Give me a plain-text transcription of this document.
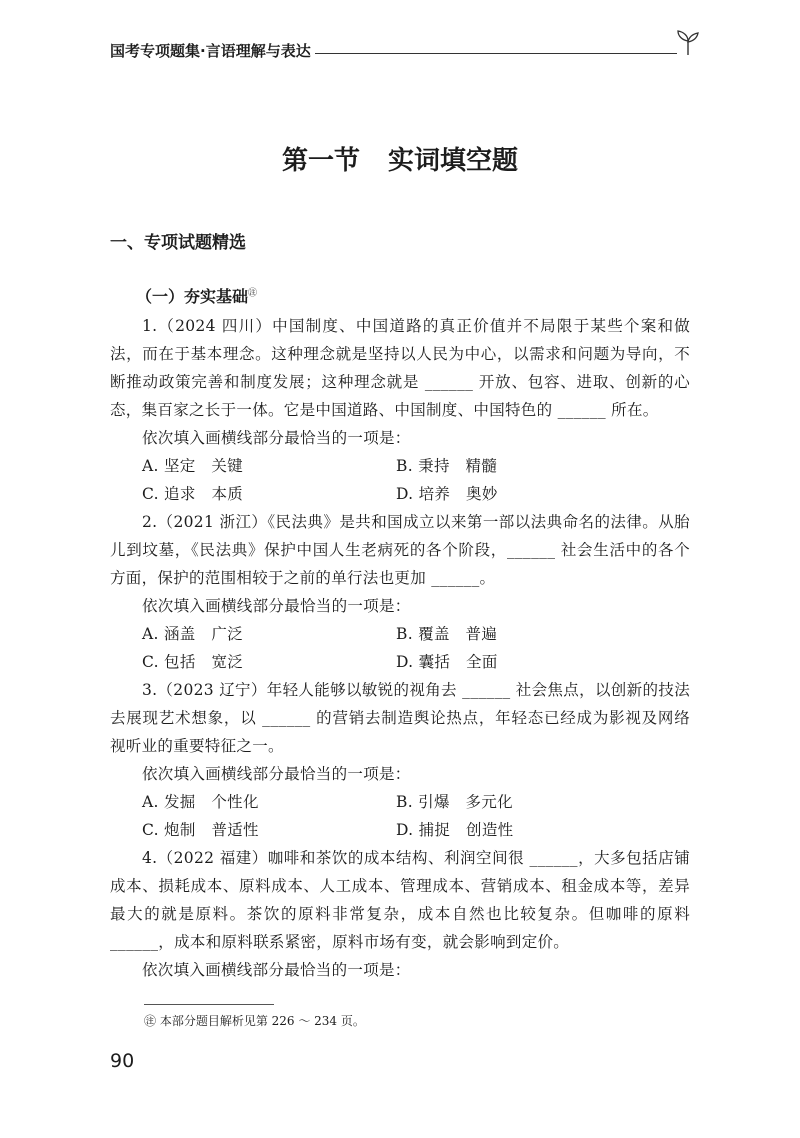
国考专项题集·言语理解与表达
第一节 实词填空题
一、专项试题精选
（一）夯实基础㊟

1.（2024 四川）中国制度、中国道路的真正价值并不局限于某些个案和做法，而在于基本理念。这种理念就是坚持以人民为中心，以需求和问题为导向，不断推动政策完善和制度发展；这种理念就是 ______ 开放、包容、进取、创新的心态，集百家之长于一体。它是中国道路、中国制度、中国特色的 ______ 所在。

依次填入画横线部分最恰当的一项是：

A. 坚定　关键	B. 秉持　精髓
C. 追求　本质	D. 培养　奥妙

2.（2021 浙江）《民法典》是共和国成立以来第一部以法典命名的法律。从胎儿到坟墓，《民法典》保护中国人生老病死的各个阶段，______ 社会生活中的各个方面，保护的范围相较于之前的单行法也更加 ______。

依次填入画横线部分最恰当的一项是：

A. 涵盖　广泛	B. 覆盖　普遍
C. 包括　宽泛	D. 囊括　全面

3.（2023 辽宁）年轻人能够以敏锐的视角去 ______ 社会焦点，以创新的技法去展现艺术想象，以 ______ 的营销去制造舆论热点，年轻态已经成为影视及网络视听业的重要特征之一。

依次填入画横线部分最恰当的一项是：

A. 发掘　个性化	B. 引爆　多元化
C. 炮制　普适性	D. 捕捉　创造性

4.（2022 福建）咖啡和茶饮的成本结构、利润空间很 ______，大多包括店铺成本、损耗成本、原料成本、人工成本、管理成本、营销成本、租金成本等，差异最大的就是原料。茶饮的原料非常复杂，成本自然也比较复杂。但咖啡的原料 ______，成本和原料联系紧密，原料市场有变，就会影响到定价。

依次填入画横线部分最恰当的一项是：

㊟ 本部分题目解析见第 226 ～ 234 页。
90
